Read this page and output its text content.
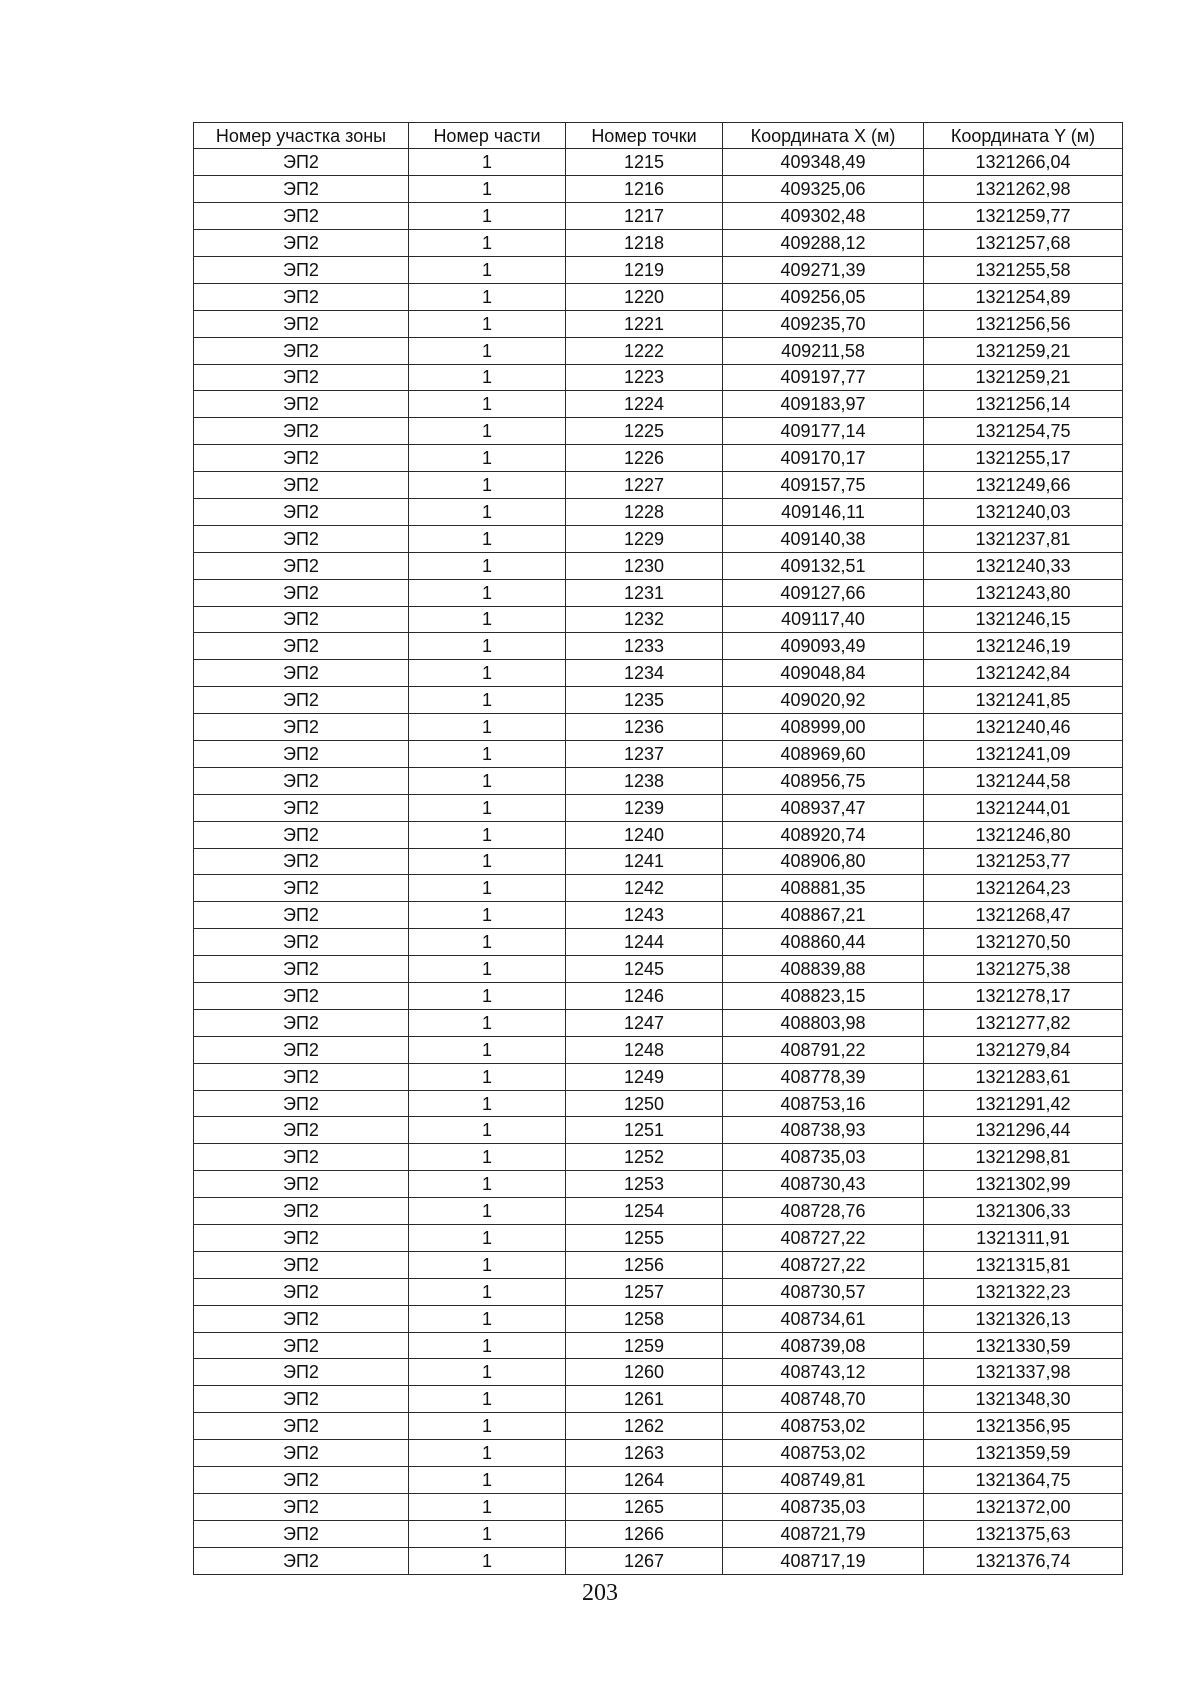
Номер участка зоны	Номер части	Номер точки	Координата X (м)	Координата Y (м)
ЭП2	1	1215	409348,49	1321266,04
ЭП2	1	1216	409325,06	1321262,98
ЭП2	1	1217	409302,48	1321259,77
ЭП2	1	1218	409288,12	1321257,68
ЭП2	1	1219	409271,39	1321255,58
ЭП2	1	1220	409256,05	1321254,89
ЭП2	1	1221	409235,70	1321256,56
ЭП2	1	1222	409211,58	1321259,21
ЭП2	1	1223	409197,77	1321259,21
ЭП2	1	1224	409183,97	1321256,14
ЭП2	1	1225	409177,14	1321254,75
ЭП2	1	1226	409170,17	1321255,17
ЭП2	1	1227	409157,75	1321249,66
ЭП2	1	1228	409146,11	1321240,03
ЭП2	1	1229	409140,38	1321237,81
ЭП2	1	1230	409132,51	1321240,33
ЭП2	1	1231	409127,66	1321243,80
ЭП2	1	1232	409117,40	1321246,15
ЭП2	1	1233	409093,49	1321246,19
ЭП2	1	1234	409048,84	1321242,84
ЭП2	1	1235	409020,92	1321241,85
ЭП2	1	1236	408999,00	1321240,46
ЭП2	1	1237	408969,60	1321241,09
ЭП2	1	1238	408956,75	1321244,58
ЭП2	1	1239	408937,47	1321244,01
ЭП2	1	1240	408920,74	1321246,80
ЭП2	1	1241	408906,80	1321253,77
ЭП2	1	1242	408881,35	1321264,23
ЭП2	1	1243	408867,21	1321268,47
ЭП2	1	1244	408860,44	1321270,50
ЭП2	1	1245	408839,88	1321275,38
ЭП2	1	1246	408823,15	1321278,17
ЭП2	1	1247	408803,98	1321277,82
ЭП2	1	1248	408791,22	1321279,84
ЭП2	1	1249	408778,39	1321283,61
ЭП2	1	1250	408753,16	1321291,42
ЭП2	1	1251	408738,93	1321296,44
ЭП2	1	1252	408735,03	1321298,81
ЭП2	1	1253	408730,43	1321302,99
ЭП2	1	1254	408728,76	1321306,33
ЭП2	1	1255	408727,22	1321311,91
ЭП2	1	1256	408727,22	1321315,81
ЭП2	1	1257	408730,57	1321322,23
ЭП2	1	1258	408734,61	1321326,13
ЭП2	1	1259	408739,08	1321330,59
ЭП2	1	1260	408743,12	1321337,98
ЭП2	1	1261	408748,70	1321348,30
ЭП2	1	1262	408753,02	1321356,95
ЭП2	1	1263	408753,02	1321359,59
ЭП2	1	1264	408749,81	1321364,75
ЭП2	1	1265	408735,03	1321372,00
ЭП2	1	1266	408721,79	1321375,63
ЭП2	1	1267	408717,19	1321376,74
203
